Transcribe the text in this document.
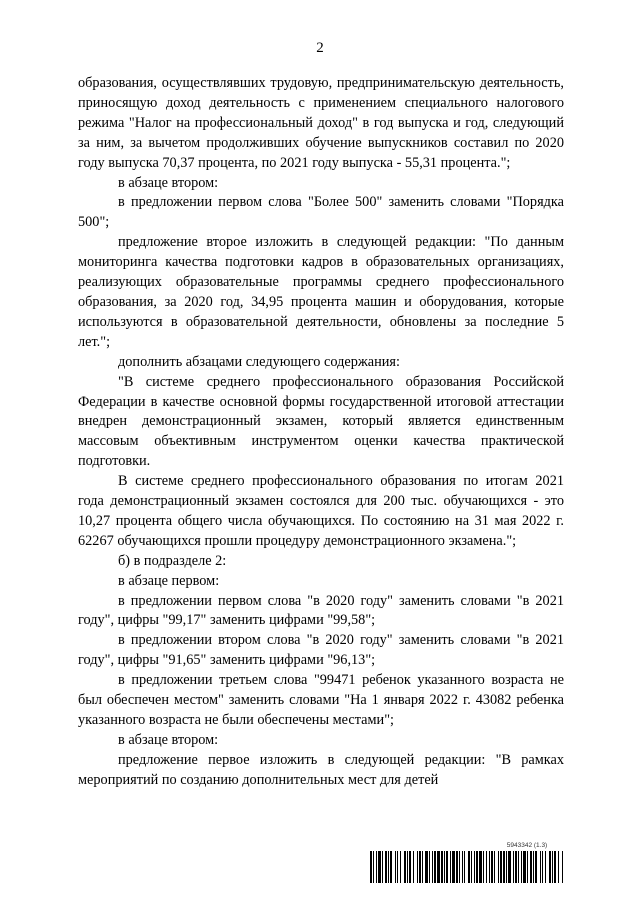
2

образования, осуществлявших трудовую, предпринимательскую деятельность, приносящую доход деятельность с применением специального налогового режима "Налог на профессиональный доход" в год выпуска и год, следующий за ним, за вычетом продолживших обучение выпускников составил по 2020 году выпуска 70,37 процента, по 2021 году выпуска - 55,31 процента.";

в абзаце втором:

в предложении первом слова "Более 500" заменить словами "Порядка 500";

предложение второе изложить в следующей редакции: "По данным мониторинга качества подготовки кадров в образовательных организациях, реализующих образовательные программы среднего профессионального образования, за 2020 год, 34,95 процента машин и оборудования, которые используются в образовательной деятельности, обновлены за последние 5 лет.";

дополнить абзацами следующего содержания:

"В системе среднего профессионального образования Российской Федерации в качестве основной формы государственной итоговой аттестации внедрен демонстрационный экзамен, который является единственным массовым объективным инструментом оценки качества практической подготовки.

В системе среднего профессионального образования по итогам 2021 года демонстрационный экзамен состоялся для 200 тыс. обучающихся - это 10,27 процента общего числа обучающихся. По состоянию на 31 мая 2022 г. 62267 обучающихся прошли процедуру демонстрационного экзамена.";

б) в подразделе 2:

в абзаце первом:

в предложении первом слова "в 2020 году" заменить словами "в 2021 году", цифры "99,17" заменить цифрами "99,58";

в предложении втором слова "в 2020 году" заменить словами "в 2021 году", цифры "91,65" заменить цифрами "96,13";

в предложении третьем слова "99471 ребенок указанного возраста не был обеспечен местом" заменить словами "На 1 января 2022 г. 43082 ребенка указанного возраста не были обеспечены местами";

в абзаце втором:

предложение первое изложить в следующей редакции: "В рамках мероприятий по созданию дополнительных мест для детей

5943342 (1.3)
